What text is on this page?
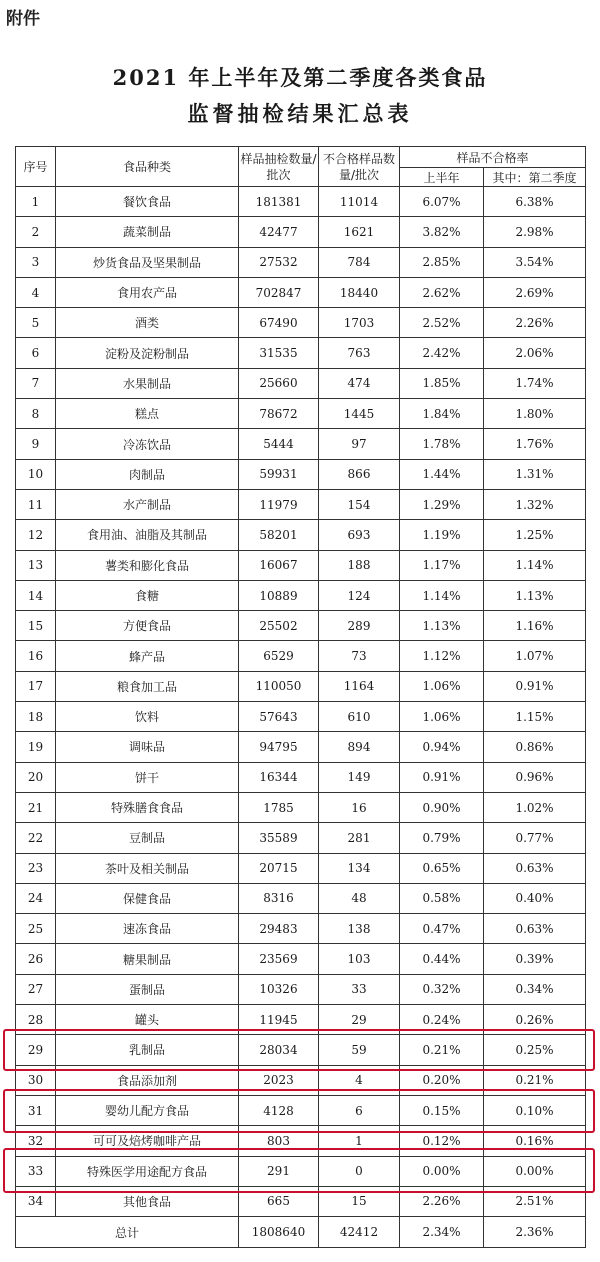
附件
2021 年上半年及第二季度各类食品
监督抽检结果汇总表
序号	食品种类	样品抽检数量/批次	不合格样品数量/批次	样品不合格率	
				上半年	其中：第二季度
1	餐饮食品	181381	11014	6.07%	6.38%
2	蔬菜制品	42477	1621	3.82%	2.98%
3	炒货食品及坚果制品	27532	784	2.85%	3.54%
4	食用农产品	702847	18440	2.62%	2.69%
5	酒类	67490	1703	2.52%	2.26%
6	淀粉及淀粉制品	31535	763	2.42%	2.06%
7	水果制品	25660	474	1.85%	1.74%
8	糕点	78672	1445	1.84%	1.80%
9	冷冻饮品	5444	97	1.78%	1.76%
10	肉制品	59931	866	1.44%	1.31%
11	水产制品	11979	154	1.29%	1.32%
12	食用油、油脂及其制品	58201	693	1.19%	1.25%
13	薯类和膨化食品	16067	188	1.17%	1.14%
14	食糖	10889	124	1.14%	1.13%
15	方便食品	25502	289	1.13%	1.16%
16	蜂产品	6529	73	1.12%	1.07%
17	粮食加工品	110050	1164	1.06%	0.91%
18	饮料	57643	610	1.06%	1.15%
19	调味品	94795	894	0.94%	0.86%
20	饼干	16344	149	0.91%	0.96%
21	特殊膳食食品	1785	16	0.90%	1.02%
22	豆制品	35589	281	0.79%	0.77%
23	茶叶及相关制品	20715	134	0.65%	0.63%
24	保健食品	8316	48	0.58%	0.40%
25	速冻食品	29483	138	0.47%	0.63%
26	糖果制品	23569	103	0.44%	0.39%
27	蛋制品	10326	33	0.32%	0.34%
28	罐头	11945	29	0.24%	0.26%
29	乳制品	28034	59	0.21%	0.25%
30	食品添加剂	2023	4	0.20%	0.21%
31	婴幼儿配方食品	4128	6	0.15%	0.10%
32	可可及焙烤咖啡产品	803	1	0.12%	0.16%
33	特殊医学用途配方食品	291	0	0.00%	0.00%
34	其他食品	665	15	2.26%	2.51%
总计		1808640	42412	2.34%	2.36%
